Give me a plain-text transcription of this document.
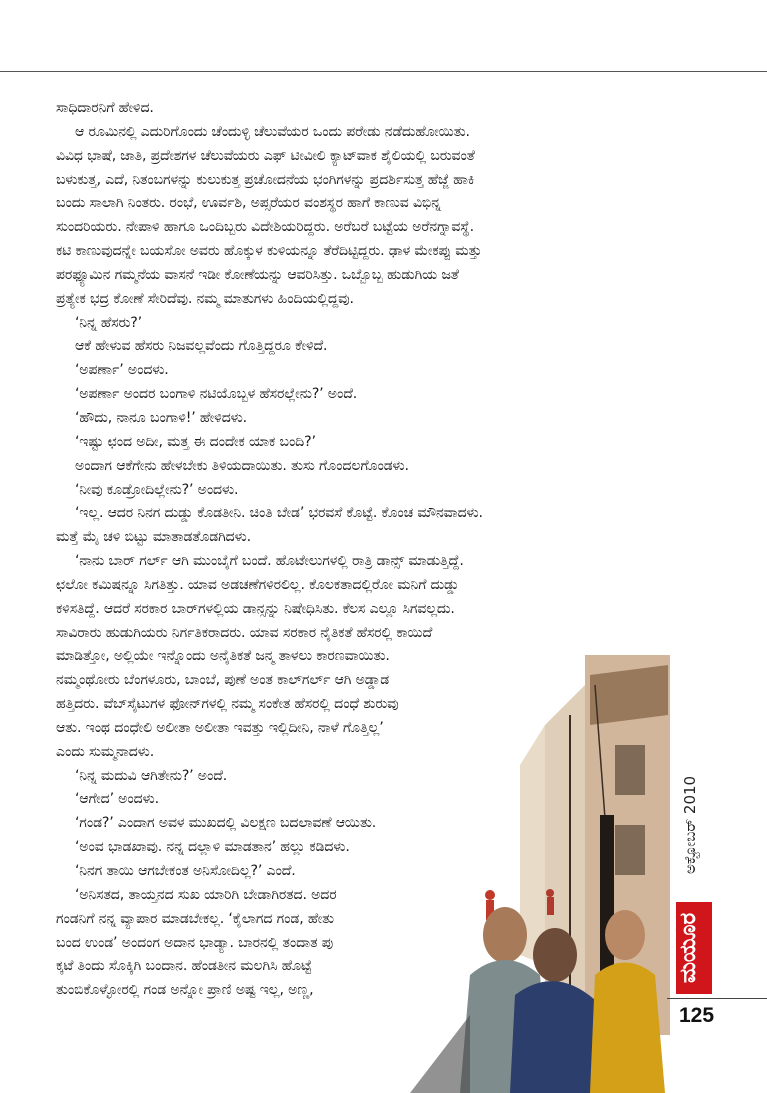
ಸಾಧಿದಾರನಿಗೆ ಹೇಳಿದ.
ಆ ರೂಮಿನಲ್ಲಿ ಎದುರಿಗೊಂದು ಚೆಂದುಳ್ಳಿ ಚೆಲುವೆಯರ ಒಂದು ಪರೇಡು ನಡೆದುಹೋಯಿತು.
ವಿವಿಧ ಭಾಷೆ, ಜಾತಿ, ಪ್ರದೇಶಗಳ ಚೆಲುವೆಯರು ಎಫ್ ಟೀವೀಲಿ ಕ್ಯಾಟ್‌ವಾಕ ಶೈಲಿಯಲ್ಲಿ ಬರುವಂತೆ
ಬಳುಕುತ್ತ, ಎದೆ, ನಿತಂಬಗಳನ್ನು ಕುಲುಕುತ್ತ ಪ್ರಚೋದನೆಯ ಭಂಗಿಗಳನ್ನು ಪ್ರದರ್ಶಿಸುತ್ತ ಹೆಜ್ಜೆ ಹಾಕಿ
ಬಂದು ಸಾಲಾಗಿ ನಿಂತರು. ರಂಭೆ, ಊರ್ವಶಿ, ಅಪ್ಸರೆಯರ ವಂಶಸ್ಥರ ಹಾಗೆ ಕಾಣುವ ವಿಭಿನ್ನ
ಸುಂದರಿಯರು. ನೇಪಾಳಿ ಹಾಗೂ ಒಂದಿಬ್ಬರು ವಿದೇಶಿಯರಿದ್ದರು. ಅರೆಬರೆ ಬಟ್ಟೆಯ ಅರೆನಗ್ನಾವಸ್ಥೆ.
ಕಟಿ ಕಾಣುವುದನ್ನೇ ಬಯಸೋ ಅವರು ಹೊಕ್ಕುಳ ಕುಳಿಯನ್ನೂ ತೆರೆದಿಟ್ಟಿದ್ದರು. ಢಾಳ ಮೇಕಪ್ಪು ಮತ್ತು
ಪರಫ್ಯೂಮಿನ ಗಮ್ಮನೆಯ ವಾಸನೆ ಇಡೀ ಕೋಣೆಯನ್ನು ಆವರಿಸಿತ್ತು. ಒಬ್ಬೊಬ್ಬ ಹುಡುಗಿಯ ಜತೆ
ಪ್ರತ್ಯೇಕ ಭದ್ರ ಕೋಣೆ ಸೇರಿದೆವು. ನಮ್ಮ ಮಾತುಗಳು ಹಿಂದಿಯಲ್ಲಿದ್ದವು.
‘ನಿನ್ನ ಹೆಸರು?’
ಆಕೆ ಹೇಳುವ ಹೆಸರು ನಿಜವಲ್ಲವೆಂದು ಗೊತ್ತಿದ್ದರೂ ಕೇಳಿದೆ.
‘ಅಪರ್ಣಾ’ ಅಂದಳು.
‘ಅಪರ್ಣಾ ಅಂದರ ಬಂಗಾಳಿ ನಟಿಯೊಬ್ಬಳ ಹೆಸರಲ್ಲೇನು?’ ಅಂದೆ.
‘ಹೌದು, ನಾನೂ ಬಂಗಾಳಿ!’ ಹೇಳಿದಳು.
‘ಇಷ್ಟು ಛಂದ ಅದೀ, ಮತ್ತ ಈ ದಂದೇಕ ಯಾಕ ಬಂದಿ?’
ಅಂದಾಗ ಆಕೆಗೇನು ಹೇಳಬೇಕು ತಿಳಿಯದಾಯಿತು. ತುಸು ಗೊಂದಲಗೊಂಡಳು.
‘ನೀವು ಕೂಡ್ರೋದಿಲ್ಲೇನು?’ ಅಂದಳು.
‘ಇಲ್ಲ. ಆದರ ನಿನಗ ದುಡ್ಡು ಕೊಡತೀನಿ. ಚಿಂತಿ ಬೇಡ’ ಭರವಸೆ ಕೊಟ್ಟೆ. ಕೊಂಚ ಮೌನವಾದಳು.
ಮತ್ತೆ ಮೈ ಚಳಿ ಬಿಟ್ಟು ಮಾತಾಡತೊಡಗಿದಳು.
‘ನಾನು ಬಾರ್ ಗರ್ಲ್ ಆಗಿ ಮುಂಬೈಗೆ ಬಂದೆ. ಹೊಟೇಲುಗಳಲ್ಲಿ ರಾತ್ರಿ ಡಾನ್ಸ್ ಮಾಡುತ್ತಿದ್ದೆ.
ಛಲೋ ಕಮಿಷನ್ನೂ ಸಿಗತಿತ್ತು. ಯಾವ ಅಡಚಣೆಗಳಿರಲಿಲ್ಲ. ಕೊಲಕತಾದಲ್ಲಿರೋ ಮನಿಗೆ ದುಡ್ಡು
ಕಳಿಸತಿದ್ದೆ. ಆದರೆ ಸರಕಾರ ಬಾರ್‌ಗಳಲ್ಲಿಯ ಡಾನ್ಸನ್ನು ನಿಷೇಧಿಸಿತು. ಕೆಲಸ ಎಲ್ಲೂ ಸಿಗವಲ್ಲದು.
ಸಾವಿರಾರು ಹುಡುಗಿಯರು ನಿರ್ಗತಿಕರಾದರು. ಯಾವ ಸರಕಾರ ನೈತಿಕತೆ ಹೆಸರಲ್ಲಿ ಕಾಯಿದೆ
ಮಾಡಿತ್ತೋ, ಅಲ್ಲಿಯೇ ಇನ್ನೊಂದು ಅನೈತಿಕತೆ ಜನ್ಮ ತಾಳಲು ಕಾರಣವಾಯಿತು.
ನಮ್ಮಂಥೋರು ಬೆಂಗಳೂರು, ಬಾಂಬೆ, ಪುಣೆ ಅಂತ ಕಾಲ್‌ಗರ್ಲ್ ಆಗಿ ಅಡ್ಡಾಡ
ಹತ್ತಿದರು. ವೆಬ್‌ಸೈಟುಗಳ ಫೋನ್‌ಗಳಲ್ಲಿ ನಮ್ಮ ಸಂಕೇತ ಹೆಸರಲ್ಲಿ ದಂಧೆ ಶುರುವು
ಆತು. ಇಂಥ ದಂಧೇಲಿ ಅಲೀತಾ ಅಲೀತಾ ಇವತ್ತು ಇಲ್ಲಿದೀನಿ, ನಾಳೆ ಗೊತ್ತಿಲ್ಲ’
ಎಂದು ಸುಮ್ಮನಾದಳು.
‘ನಿನ್ನ ಮದುವಿ ಆಗಿತೇನು?’ ಅಂದೆ.
‘ಆಗೇದ’ ಅಂದಳು.
‘ಗಂಡ?’ ಎಂದಾಗ ಅವಳ ಮುಖದಲ್ಲಿ ವಿಲಕ್ಷಣ ಬದಲಾವಣೆ ಆಯಿತು.
‘ಅಂವ ಭಾಡಖಾವು. ನನ್ನ ದಲ್ಲಾಳಿ ಮಾಡತಾನ’ ಹಲ್ಲು ಕಡಿದಳು.
‘ನಿನಗ ತಾಯಿ ಆಗಬೇಕಂತ ಅನಿಸೋದಿಲ್ಲ?’ ಎಂದೆ.
‘ಅನಿಸತದ, ತಾಯ್ತನದ ಸುಖ ಯಾರಿಗಿ ಬೇಡಾಗಿರತದ. ಅದರ
ಗಂಡನಿಗೆ ನನ್ನ ವ್ಯಾಪಾರ ಮಾಡಬೇಕಲ್ಲ. ‘ಕೈಲಾಗದ ಗಂಡ, ಹೇತು
ಬಂದ ಉಂಡ’ ಅಂದಂಗ ಅದಾನ ಭಾಡ್ಯಾ. ಬಾರನಲ್ಲಿ ತಂದಾತ ಪು
ಕ್ಕಟೆ ತಿಂದು ಸೊಕ್ಕಿಗಿ ಬಂದಾನ. ಹೆಂಡತೀನ ಮಲಗಿಸಿ ಹೊಟ್ಟೆ
ತುಂಬಿಕೊಳ್ಳೋರಲ್ಲಿ ಗಂಡ ಅನ್ನೋ ಪ್ರಾಣಿ ಅಷ್ಟ ಇಲ್ಲ, ಅಣ್ಣ,
ಅಕ್ಟೋಬರ್ 2010
ಮಯೂರ
125
